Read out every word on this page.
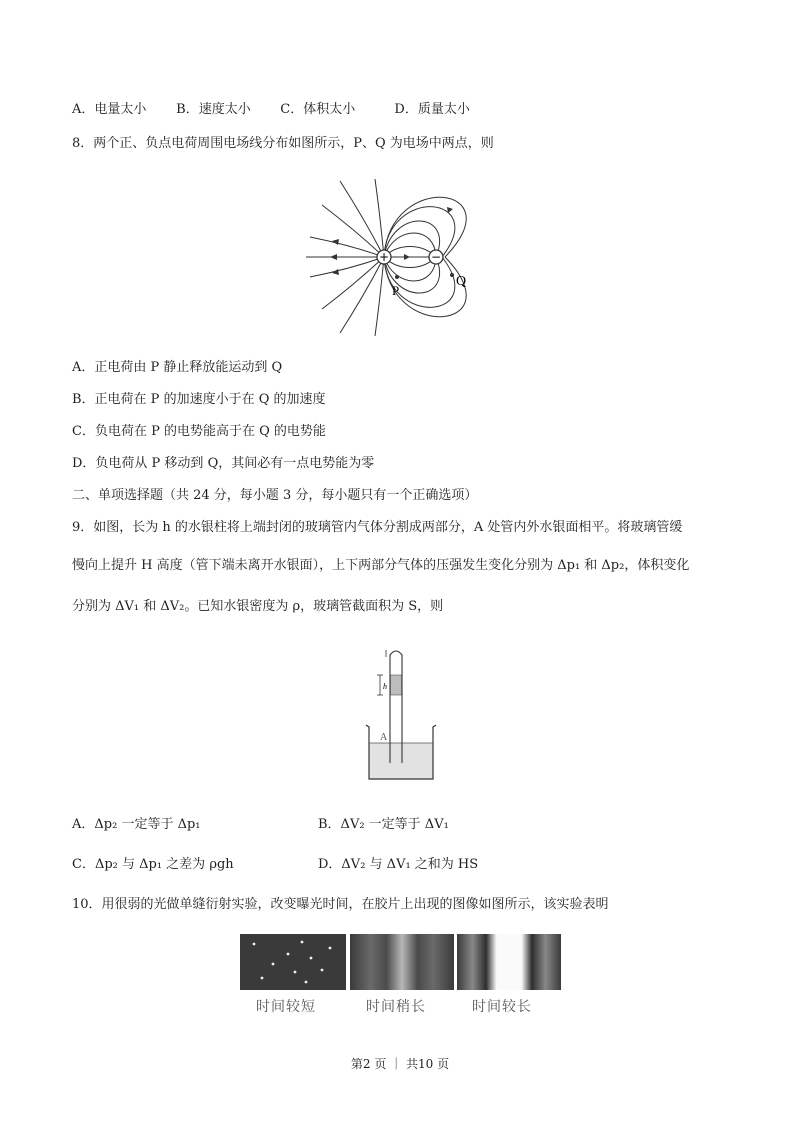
A．电量太小 B．速度太小 C．体积太小	D．质量太小
8．两个正、负点电荷周围电场线分布如图所示，P、Q 为电场中两点，则
+	−
P
Q
A．正电荷由 P 静止释放能运动到 Q
B．正电荷在 P 的加速度小于在 Q 的加速度
C．负电荷在 P 的电势能高于在 Q 的电势能
D．负电荷从 P 移动到 Q，其间必有一点电势能为零
二、单项选择题（共 24 分，每小题 3 分，每小题只有一个正确选项）
9．如图，长为 h 的水银柱将上端封闭的玻璃管内气体分割成两部分，A 处管内外水银面相平。将玻璃管缓
慢向上提升 H 高度（管下端未离开水银面），上下两部分气体的压强发生变化分别为 Δp₁ 和 Δp₂，体积变化
分别为 ΔV₁ 和 ΔV₂。已知水银密度为 ρ，玻璃管截面积为 S，则
h
A
A．Δp₂ 一定等于 Δp₁	B．ΔV₂ 一定等于 ΔV₁
C．Δp₂ 与 Δp₁ 之差为 ρgh	D．ΔV₂ 与 ΔV₁ 之和为 HS
10．用很弱的光做单缝衍射实验，改变曝光时间，在胶片上出现的图像如图所示，该实验表明
时间较短	时间稍长	时间较长
第2 页 ｜ 共10 页
